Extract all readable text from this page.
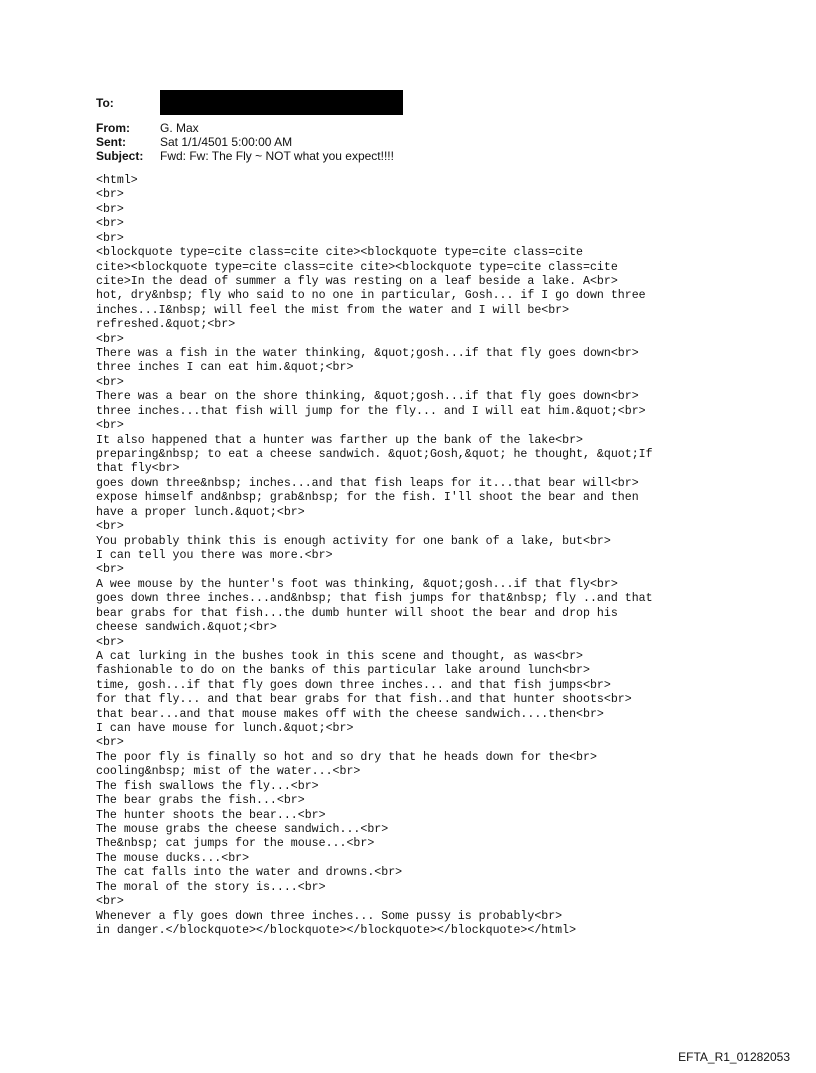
To:
From:	G. Max
Sent:	Sat 1/1/4501 5:00:00 AM
Subject:	Fwd: Fw: The Fly ~ NOT what you expect!!!!
<html>
<br>
<br>
<br>
<br>
<blockquote type=cite class=cite cite><blockquote type=cite class=cite
cite><blockquote type=cite class=cite cite><blockquote type=cite class=cite
cite>In the dead of summer a fly was resting on a leaf beside a lake. A<br>
hot, dry&nbsp; fly who said to no one in particular, Gosh... if I go down three
inches...I&nbsp; will feel the mist from the water and I will be<br>
refreshed.&quot;<br>
<br>
There was a fish in the water thinking, &quot;gosh...if that fly goes down<br>
three inches I can eat him.&quot;<br>
<br>
There was a bear on the shore thinking, &quot;gosh...if that fly goes down<br>
three inches...that fish will jump for the fly... and I will eat him.&quot;<br>
<br>
It also happened that a hunter was farther up the bank of the lake<br>
preparing&nbsp; to eat a cheese sandwich. &quot;Gosh,&quot; he thought, &quot;If
that fly<br>
goes down three&nbsp; inches...and that fish leaps for it...that bear will<br>
expose himself and&nbsp; grab&nbsp; for the fish. I'll shoot the bear and then
have a proper lunch.&quot;<br>
<br>
You probably think this is enough activity for one bank of a lake, but<br>
I can tell you there was more.<br>
<br>
A wee mouse by the hunter's foot was thinking, &quot;gosh...if that fly<br>
goes down three inches...and&nbsp; that fish jumps for that&nbsp; fly ..and that
bear grabs for that fish...the dumb hunter will shoot the bear and drop his
cheese sandwich.&quot;<br>
<br>
A cat lurking in the bushes took in this scene and thought, as was<br>
fashionable to do on the banks of this particular lake around lunch<br>
time, gosh...if that fly goes down three inches... and that fish jumps<br>
for that fly... and that bear grabs for that fish..and that hunter shoots<br>
that bear...and that mouse makes off with the cheese sandwich....then<br>
I can have mouse for lunch.&quot;<br>
<br>
The poor fly is finally so hot and so dry that he heads down for the<br>
cooling&nbsp; mist of the water...<br>
The fish swallows the fly...<br>
The bear grabs the fish...<br>
The hunter shoots the bear...<br>
The mouse grabs the cheese sandwich...<br>
The&nbsp; cat jumps for the mouse...<br>
The mouse ducks...<br>
The cat falls into the water and drowns.<br>
The moral of the story is....<br>
<br>
Whenever a fly goes down three inches... Some pussy is probably<br>
in danger.</blockquote></blockquote></blockquote></blockquote></html>
EFTA_R1_01282053
